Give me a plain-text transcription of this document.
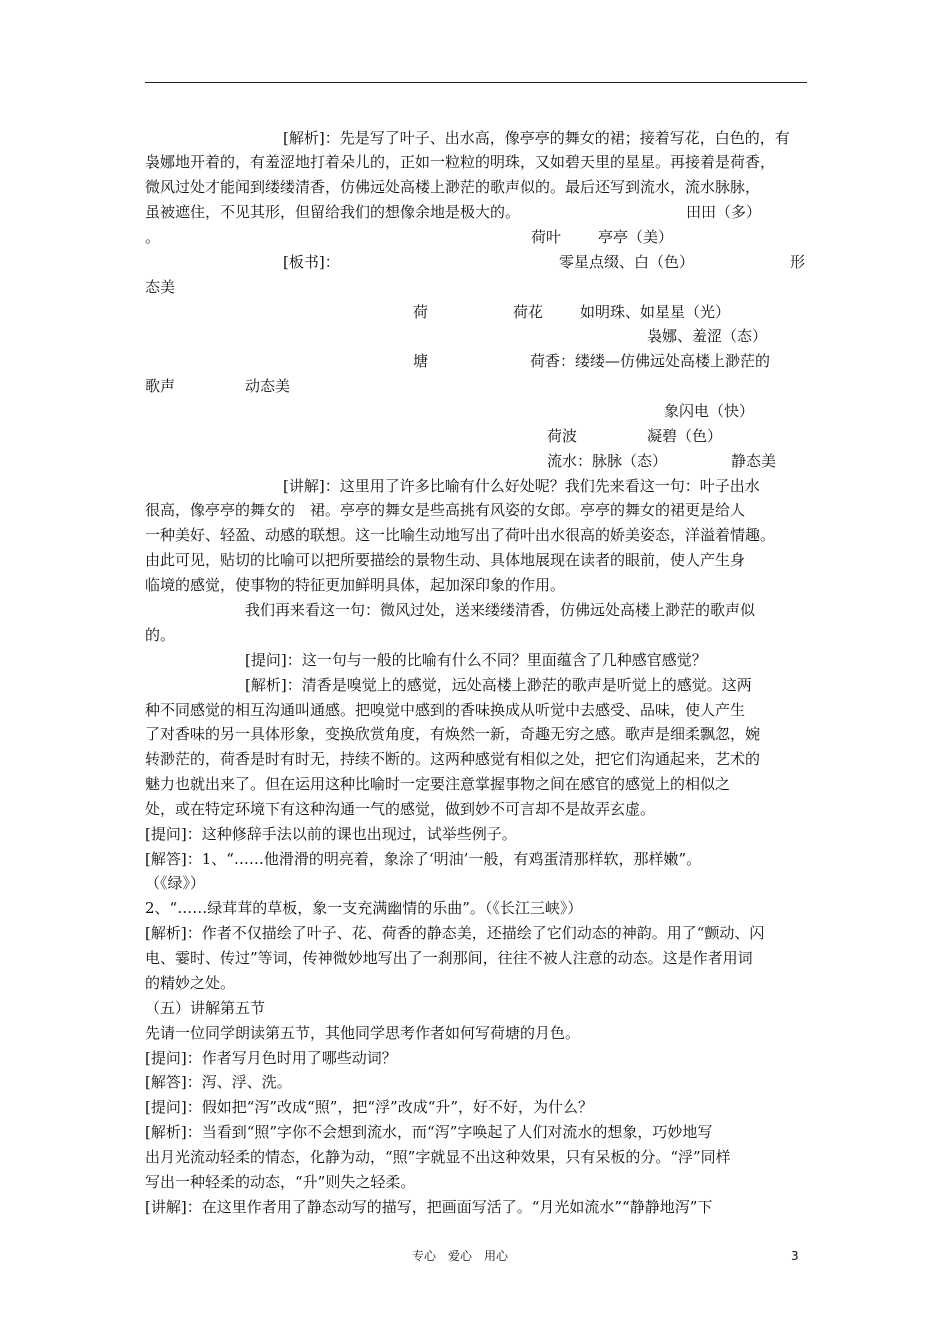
[解析]：先是写了叶子、出水高，像亭亭的舞女的裙；接着写花，白色的，有
袅娜地开着的，有羞涩地打着朵儿的，正如一粒粒的明珠，又如碧天里的星星。再接着是荷香，
微风过处才能闻到缕缕清香，仿佛远处高楼上渺茫的歌声似的。最后还写到流水，流水脉脉，
虽被遮住，不见其形，但留给我们的想像余地是极大的。	田田（多）
。	荷叶 亭亭（美）
[板书]：	零星点缀、白（色）	形
态美
荷	荷花 如明珠、如星星（光）
袅娜、羞涩（态）
塘	荷香：缕缕—仿佛远处高楼上渺茫的
歌声	动态美
象闪电（快）
荷波	凝碧（色）
流水：脉脉（态）	静态美
[讲解]：这里用了许多比喻有什么好处呢？我们先来看这一句：叶子出水
很高，像亭亭的舞女的　裙。亭亭的舞女是些高挑有风姿的女郎。亭亭的舞女的裙更是给人
一种美好、轻盈、动感的联想。这一比喻生动地写出了荷叶出水很高的娇美姿态，洋溢着情趣。
由此可见，贴切的比喻可以把所要描绘的景物生动、具体地展现在读者的眼前，使人产生身
临境的感觉，使事物的特征更加鲜明具体，起加深印象的作用。
我们再来看这一句：微风过处，送来缕缕清香，仿佛远处高楼上渺茫的歌声似
的。
[提问]：这一句与一般的比喻有什么不同？里面蕴含了几种感官感觉？
[解析]：清香是嗅觉上的感觉，远处高楼上渺茫的歌声是听觉上的感觉。这两
种不同感觉的相互沟通叫通感。把嗅觉中感到的香味换成从听觉中去感受、品味，使人产生
了对香味的另一具体形象，变换欣赏角度，有焕然一新，奇趣无穷之感。歌声是细柔飘忽，婉
转渺茫的，荷香是时有时无，持续不断的。这两种感觉有相似之处，把它们沟通起来，艺术的
魅力也就出来了。但在运用这种比喻时一定要注意掌握事物之间在感官的感觉上的相似之
处，或在特定环境下有这种沟通一气的感觉，做到妙不可言却不是故弄玄虚。
[提问]：这种修辞手法以前的课也出现过，试举些例子。
[解答]：1、“……他滑滑的明亮着，象涂了‘明油’一般，有鸡蛋清那样软，那样嫩”。
（《绿》）
2、“……绿茸茸的草板，象一支充满幽情的乐曲”。（《长江三峡》）
[解析]：作者不仅描绘了叶子、花、荷香的静态美，还描绘了它们动态的神韵。用了“颤动、闪
电、霎时、传过”等词，传神微妙地写出了一刹那间，往往不被人注意的动态。这是作者用词
的精妙之处。
（五）讲解第五节
先请一位同学朗读第五节，其他同学思考作者如何写荷塘的月色。
[提问]：作者写月色时用了哪些动词？
[解答]：泻、浮、洗。
[提问]：假如把“泻”改成“照”，把“浮”改成“升”，好不好，为什么？
[解析]：当看到“照”字你不会想到流水，而“泻”字唤起了人们对流水的想象，巧妙地写
出月光流动轻柔的情态，化静为动，“照”字就显不出这种效果，只有呆板的分。“浮”同样
写出一种轻柔的动态，“升”则失之轻柔。
[讲解]：在这里作者用了静态动写的描写，把画面写活了。“月光如流水”“静静地泻”下
专心　爱心　用心	3
